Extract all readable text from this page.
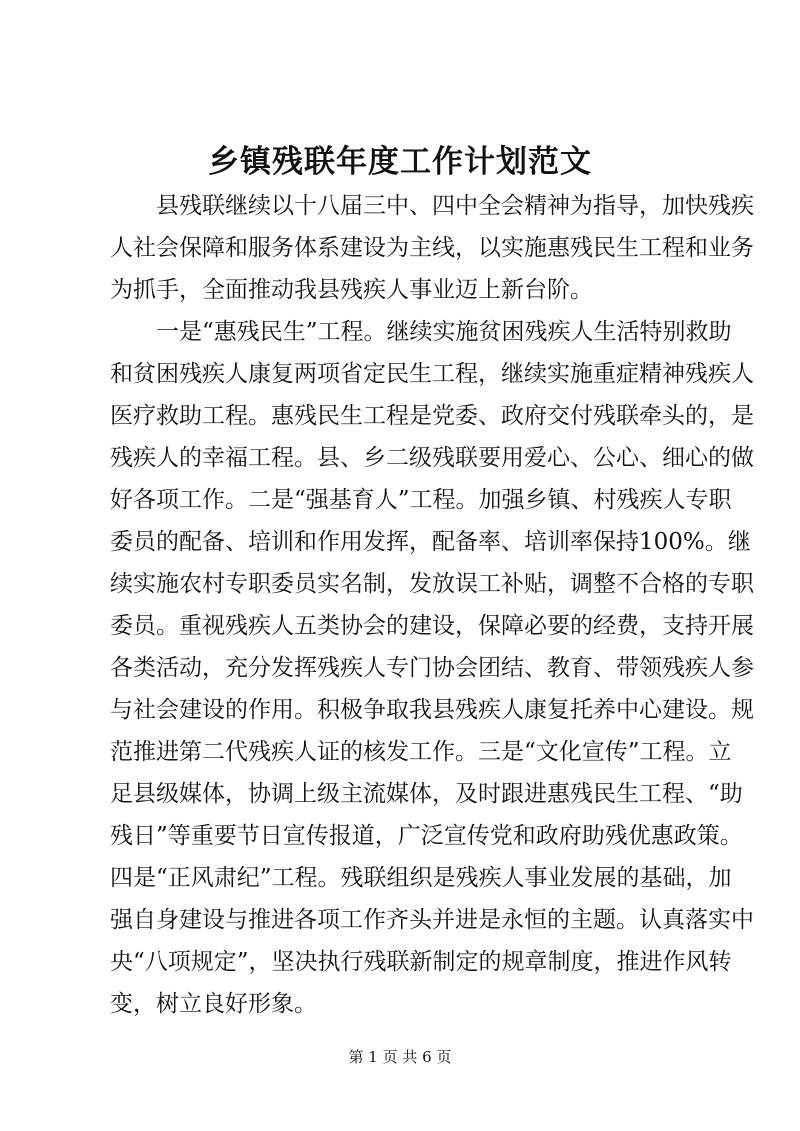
乡镇残联年度工作计划范文

　　县残联继续以十八届三中、四中全会精神为指导，加快残疾

人社会保障和服务体系建设为主线，以实施惠残民生工程和业务

为抓手，全面推动我县残疾人事业迈上新台阶。

　　一是“惠残民生”工程。继续实施贫困残疾人生活特别救助

和贫困残疾人康复两项省定民生工程，继续实施重症精神残疾人

医疗救助工程。惠残民生工程是党委、政府交付残联牵头的，是

残疾人的幸福工程。县、乡二级残联要用爱心、公心、细心的做

好各项工作。二是“强基育人”工程。加强乡镇、村残疾人专职

委员的配备、培训和作用发挥，配备率、培训率保持100%。继

续实施农村专职委员实名制，发放误工补贴，调整不合格的专职

委员。重视残疾人五类协会的建设，保障必要的经费，支持开展

各类活动，充分发挥残疾人专门协会团结、教育、带领残疾人参

与社会建设的作用。积极争取我县残疾人康复托养中心建设。规

范推进第二代残疾人证的核发工作。三是“文化宣传”工程。立

足县级媒体，协调上级主流媒体，及时跟进惠残民生工程、“助

残日”等重要节日宣传报道，广泛宣传党和政府助残优惠政策。

四是“正风肃纪”工程。残联组织是残疾人事业发展的基础，加

强自身建设与推进各项工作齐头并进是永恒的主题。认真落实中

央“八项规定”，坚决执行残联新制定的规章制度，推进作风转

变，树立良好形象。

第 1 页 共 6 页
